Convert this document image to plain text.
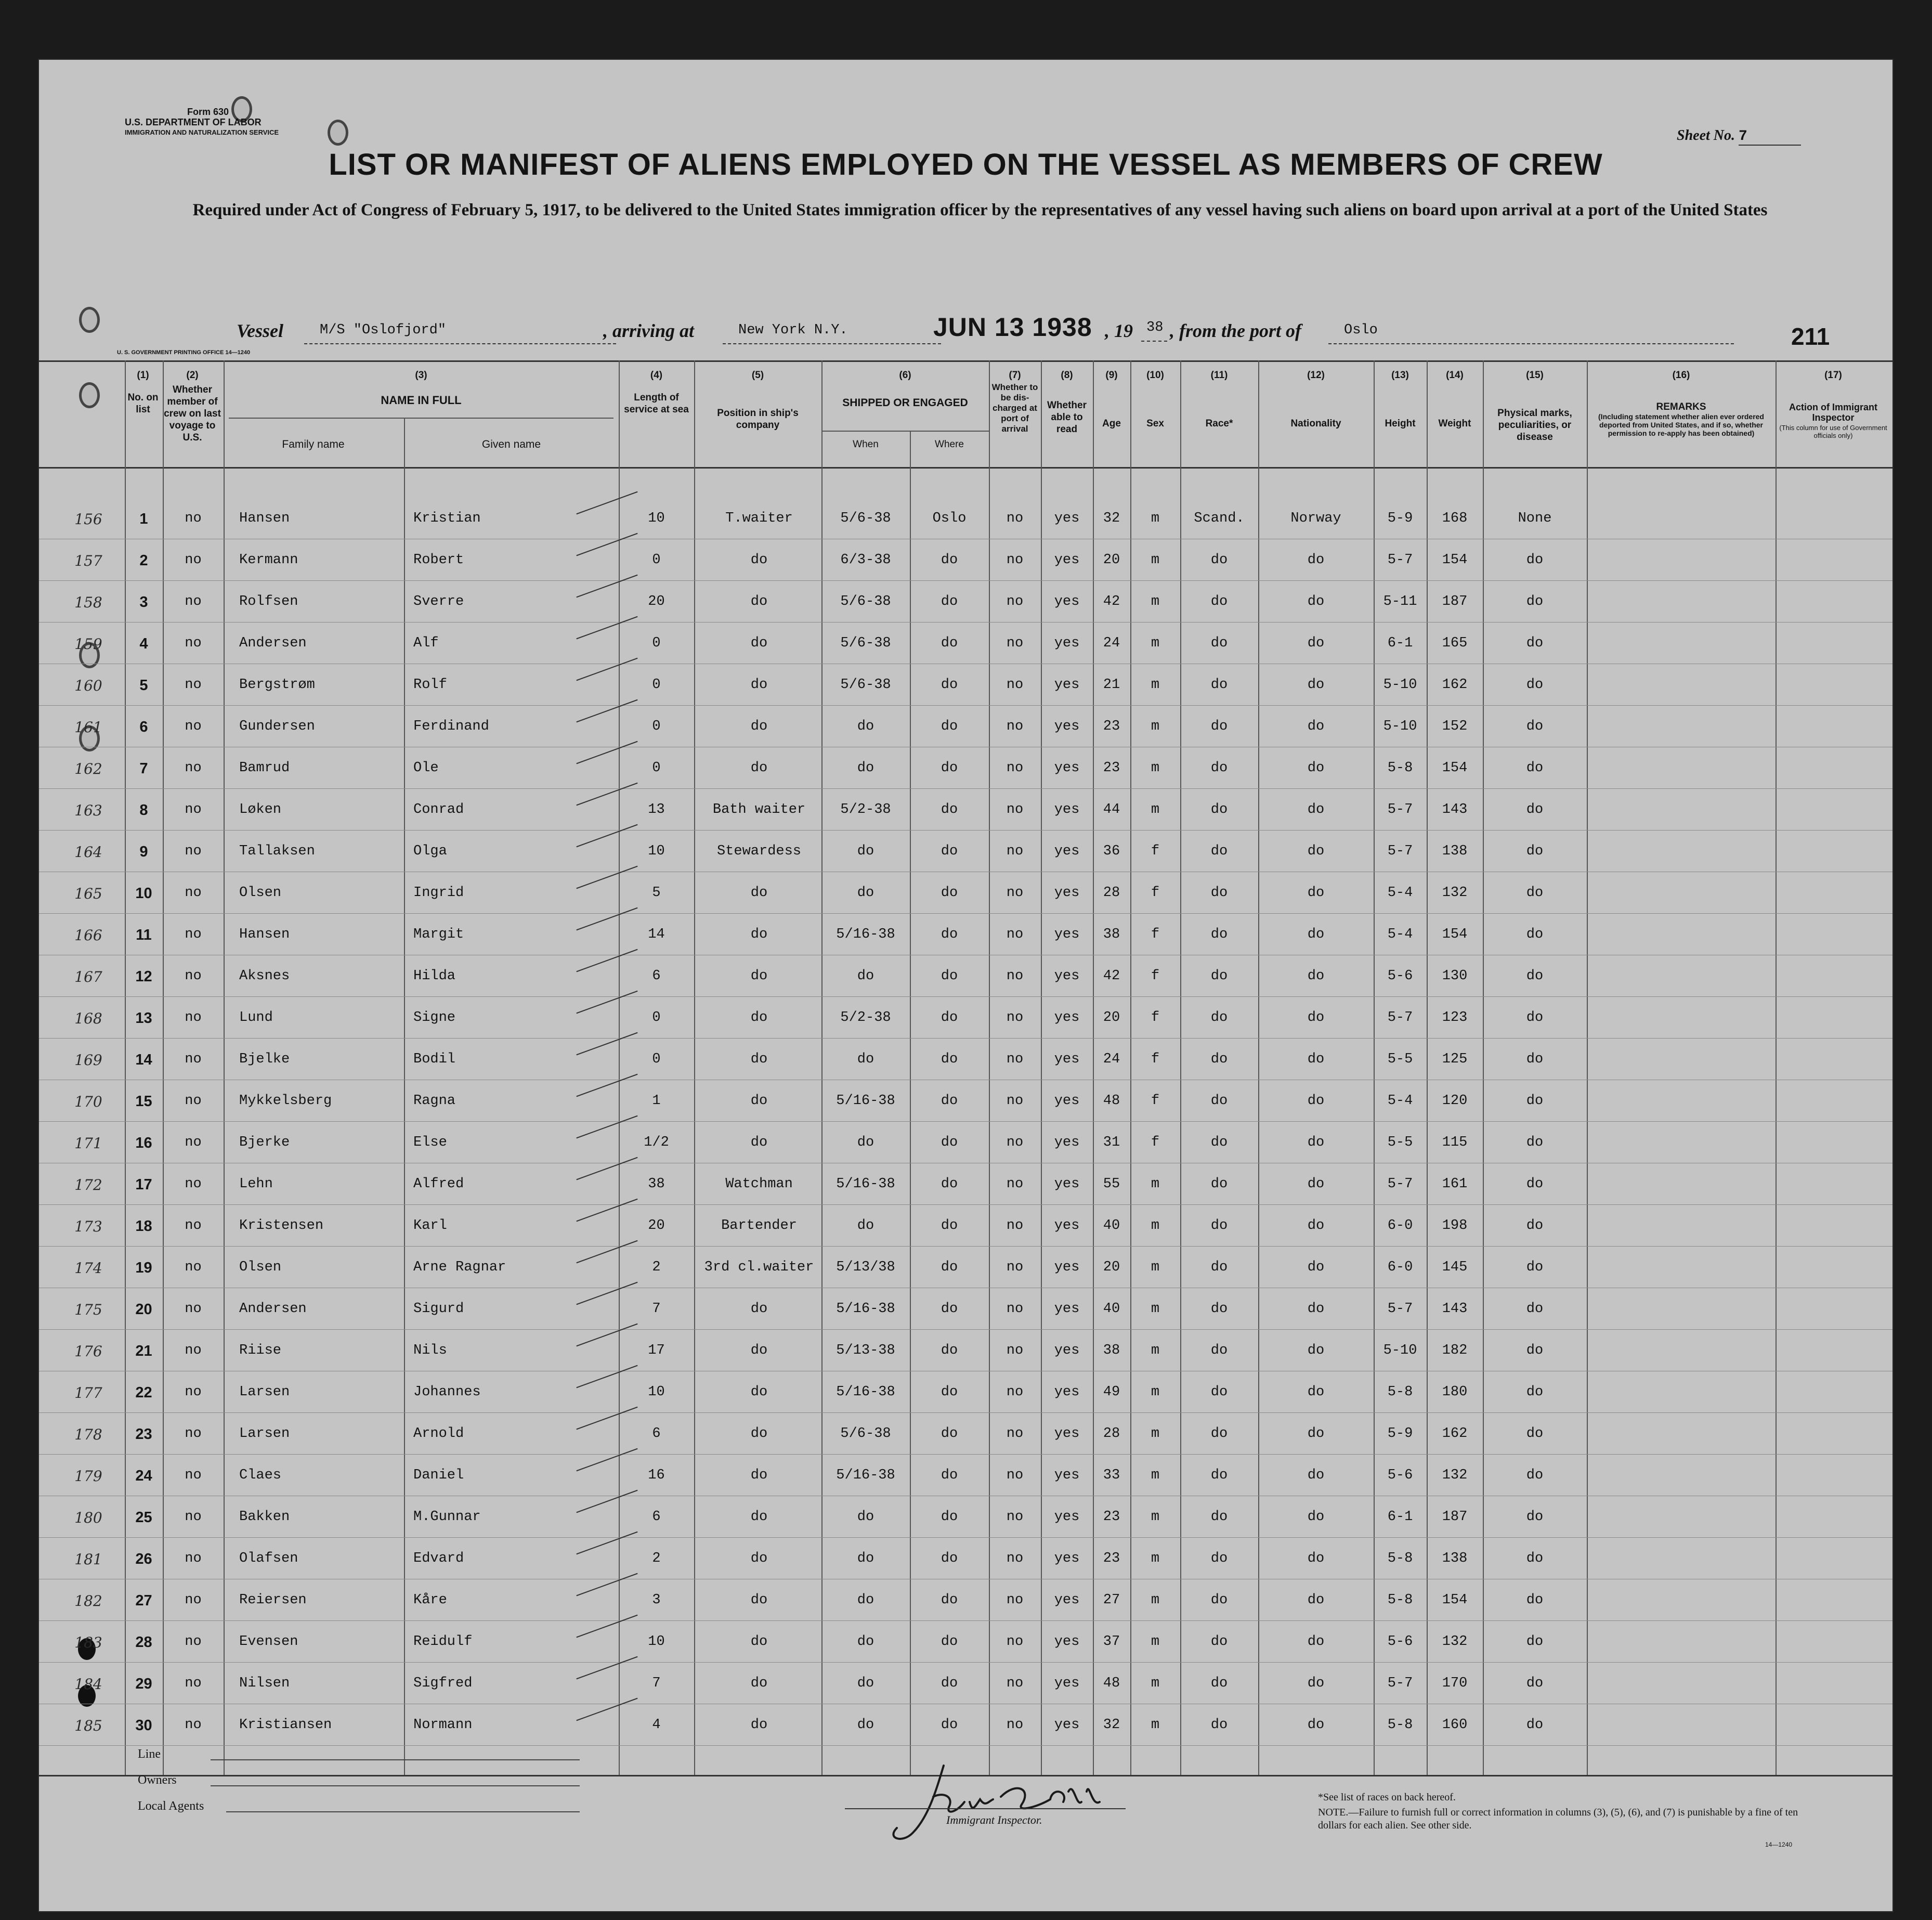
Form 630
U.S. DEPARTMENT OF LABOR
IMMIGRATION AND NATURALIZATION SERVICE	Sheet No. 7
LIST OR MANIFEST OF ALIENS EMPLOYED ON THE VESSEL AS MEMBERS OF CREW
Required under Act of Congress of February 5, 1917, to be delivered to the United States immigration officer by the representatives of any vessel having such aliens on board upon arrival at a port of the United States
Vessel	M/S "Oslofjord"	, arriving at	New York N.Y.	JUN 13 1938 , 19 38 , from the port of	Oslo	211
U. S. GOVERNMENT PRINTING OFFICE 14—1240
(1)
No. on list
(2)
Whether member of crew on last voyage to U.S.
(3)
NAME IN FULL
Family name	Given name
(4)
Length of service at sea
(5)
Position in ship's company
(6)
SHIPPED OR ENGAGED
When	Where
(7)
Whether to be dis-charged at port of arrival
(8)
Whether able to read
(9)
Age
(10)
Sex
(11)
Race*
(12)
Nationality
(13)
Height
(14)
Weight
(15)
Physical marks, peculiarities, or disease
(16)
REMARKS
(Including statement whether alien ever ordered deported from United States, and if so, whether permission to re-apply has been obtained)
(17)
Action of Immigrant Inspector
(This column for use of Government officials only)
156	1	no	Hansen	Kristian	10	T.waiter	5/6-38	Oslo	no	yes	32	m	Scand.	Norway	5-9	168	None
157	2	no	Kermann	Robert	0	do	6/3-38	do	no	yes	20	m	do	do	5-7	154	do
158	3	no	Rolfsen	Sverre	20	do	5/6-38	do	no	yes	42	m	do	do	5-11	187	do
159	4	no	Andersen	Alf	0	do	5/6-38	do	no	yes	24	m	do	do	6-1	165	do
160	5	no	Bergstrøm	Rolf	0	do	5/6-38	do	no	yes	21	m	do	do	5-10	162	do
161	6	no	Gundersen	Ferdinand	0	do	do	do	no	yes	23	m	do	do	5-10	152	do
162	7	no	Bamrud	Ole	0	do	do	do	no	yes	23	m	do	do	5-8	154	do
163	8	no	Løken	Conrad	13	Bath waiter	5/2-38	do	no	yes	44	m	do	do	5-7	143	do
164	9	no	Tallaksen	Olga	10	Stewardess	do	do	no	yes	36	f	do	do	5-7	138	do
165	10	no	Olsen	Ingrid	5	do	do	do	no	yes	28	f	do	do	5-4	132	do
166	11	no	Hansen	Margit	14	do	5/16-38	do	no	yes	38	f	do	do	5-4	154	do
167	12	no	Aksnes	Hilda	6	do	do	do	no	yes	42	f	do	do	5-6	130	do
168	13	no	Lund	Signe	0	do	5/2-38	do	no	yes	20	f	do	do	5-7	123	do
169	14	no	Bjelke	Bodil	0	do	do	do	no	yes	24	f	do	do	5-5	125	do
170	15	no	Mykkelsberg	Ragna	1	do	5/16-38	do	no	yes	48	f	do	do	5-4	120	do
171	16	no	Bjerke	Else	1/2	do	do	do	no	yes	31	f	do	do	5-5	115	do
172	17	no	Lehn	Alfred	38	Watchman	5/16-38	do	no	yes	55	m	do	do	5-7	161	do
173	18	no	Kristensen	Karl	20	Bartender	do	do	no	yes	40	m	do	do	6-0	198	do
174	19	no	Olsen	Arne Ragnar	2	3rd cl.waiter	5/13/38	do	no	yes	20	m	do	do	6-0	145	do
175	20	no	Andersen	Sigurd	7	do	5/16-38	do	no	yes	40	m	do	do	5-7	143	do
176	21	no	Riise	Nils	17	do	5/13-38	do	no	yes	38	m	do	do	5-10	182	do
177	22	no	Larsen	Johannes	10	do	5/16-38	do	no	yes	49	m	do	do	5-8	180	do
178	23	no	Larsen	Arnold	6	do	5/6-38	do	no	yes	28	m	do	do	5-9	162	do
179	24	no	Claes	Daniel	16	do	5/16-38	do	no	yes	33	m	do	do	5-6	132	do
180	25	no	Bakken	M.Gunnar	6	do	do	do	no	yes	23	m	do	do	6-1	187	do
181	26	no	Olafsen	Edvard	2	do	do	do	no	yes	23	m	do	do	5-8	138	do
182	27	no	Reiersen	Kåre	3	do	do	do	no	yes	27	m	do	do	5-8	154	do
183	28	no	Evensen	Reidulf	10	do	do	do	no	yes	37	m	do	do	5-6	132	do
184	29	no	Nilsen	Sigfred	7	do	do	do	no	yes	48	m	do	do	5-7	170	do
185	30	no	Kristiansen	Normann	4	do	do	do	no	yes	32	m	do	do	5-8	160	do
Line
Owners
Local Agents
Immigrant Inspector.
*See list of races on back hereof.
NOTE.—Failure to furnish full or correct information in columns (3), (5), (6), and (7) is punishable by a fine of ten dollars for each alien. See other side.
14—1240
